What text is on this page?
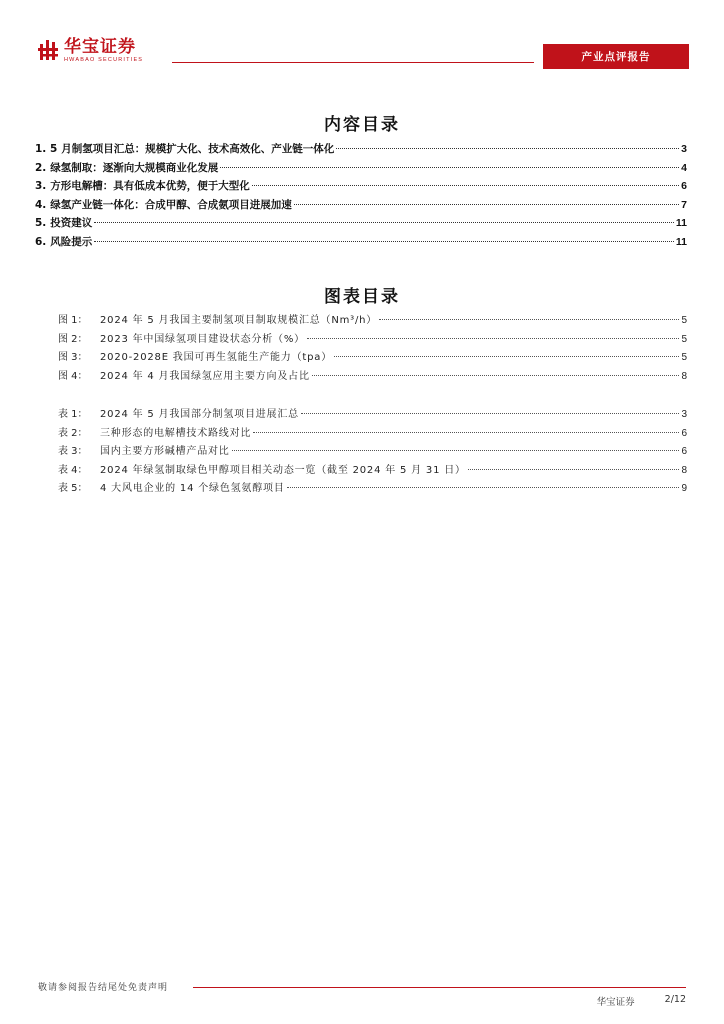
华宝证券
HWABAO SECURITIES	产业点评报告
内容目录
1. 5 月制氢项目汇总：规模扩大化、技术高效化、产业链一体化	3
2. 绿氢制取：逐渐向大规模商业化发展	4
3. 方形电解槽：具有低成本优势，便于大型化	6
4. 绿氢产业链一体化：合成甲醇、合成氨项目进展加速	7
5. 投资建议	11
6. 风险提示	11
图表目录
图 1：	2024 年 5 月我国主要制氢项目制取规模汇总（Nm³/h）	5
图 2：	2023 年中国绿氢项目建设状态分析（%）	5
图 3：	2020-2028E 我国可再生氢能生产能力（tpa）	5
图 4：	2024 年 4 月我国绿氢应用主要方向及占比	8
表 1：	2024 年 5 月我国部分制氢项目进展汇总	3
表 2：	三种形态的电解槽技术路线对比	6
表 3：	国内主要方形碱槽产品对比	6
表 4：	2024 年绿氢制取绿色甲醇项目相关动态一览（截至 2024 年 5 月 31 日）	8
表 5：	4 大风电企业的 14 个绿色氢氨醇项目	9
敬请参阅报告结尾处免责声明
华宝证券	2/12
